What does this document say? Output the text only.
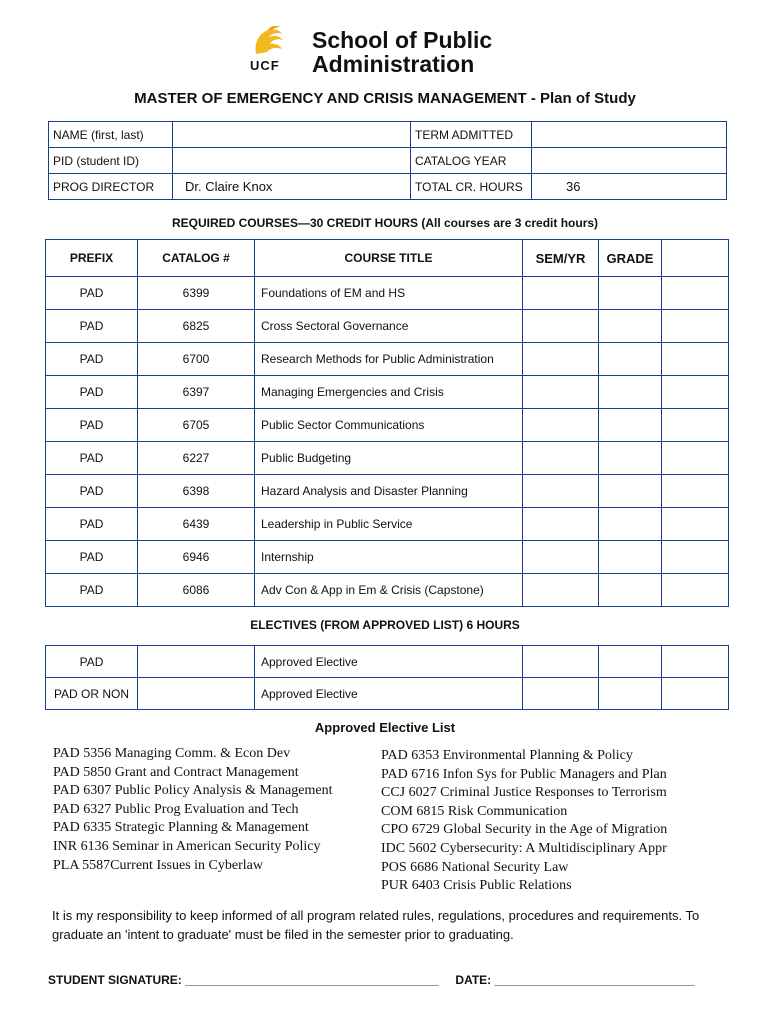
UCF
School of Public
Administration
MASTER OF EMERGENCY AND CRISIS MANAGEMENT - Plan of Study
NAME (first, last)		TERM ADMITTED	
PID (student ID)		CATALOG YEAR	
PROG DIRECTOR	Dr. Claire Knox	TOTAL CR. HOURS	36
REQUIRED COURSES—30 CREDIT HOURS (All courses are 3 credit hours)
PREFIX	CATALOG #	COURSE TITLE	SEM/YR	GRADE	
PAD	6399	Foundations of EM and HS			
PAD	6825	Cross Sectoral Governance			
PAD	6700	Research Methods for Public Administration			
PAD	6397	Managing Emergencies and Crisis			
PAD	6705	Public Sector Communications			
PAD	6227	Public Budgeting			
PAD	6398	Hazard Analysis and Disaster Planning			
PAD	6439	Leadership in Public Service			
PAD	6946	Internship			
PAD	6086	Adv Con & App in Em & Crisis (Capstone)			
ELECTIVES (FROM APPROVED LIST) 6 HOURS
PAD		Approved Elective			
PAD OR NON		Approved Elective			
Approved Elective List
PAD 5356 Managing Comm. & Econ Dev
PAD 5850 Grant and Contract Management
PAD 6307 Public Policy Analysis & Management
PAD 6327 Public Prog Evaluation and Tech
PAD 6335 Strategic Planning & Management
INR 6136 Seminar in American Security Policy
PLA 5587Current Issues in Cyberlaw
PAD 6353 Environmental Planning & Policy
PAD 6716 Infon Sys for Public Managers and Plan
CCJ 6027 Criminal Justice Responses to Terrorism
COM 6815 Risk Communication
CPO 6729 Global Security in the Age of Migration
IDC 5602 Cybersecurity: A Multidisciplinary Appr
POS 6686 National Security Law
PUR 6403 Crisis Public Relations
It is my responsibility to keep informed of all program related rules, regulations, procedures and requirements. To graduate an 'intent to graduate' must be filed in the semester prior to graduating.
STUDENT SIGNATURE: ______________________________________ DATE: ______________________________
